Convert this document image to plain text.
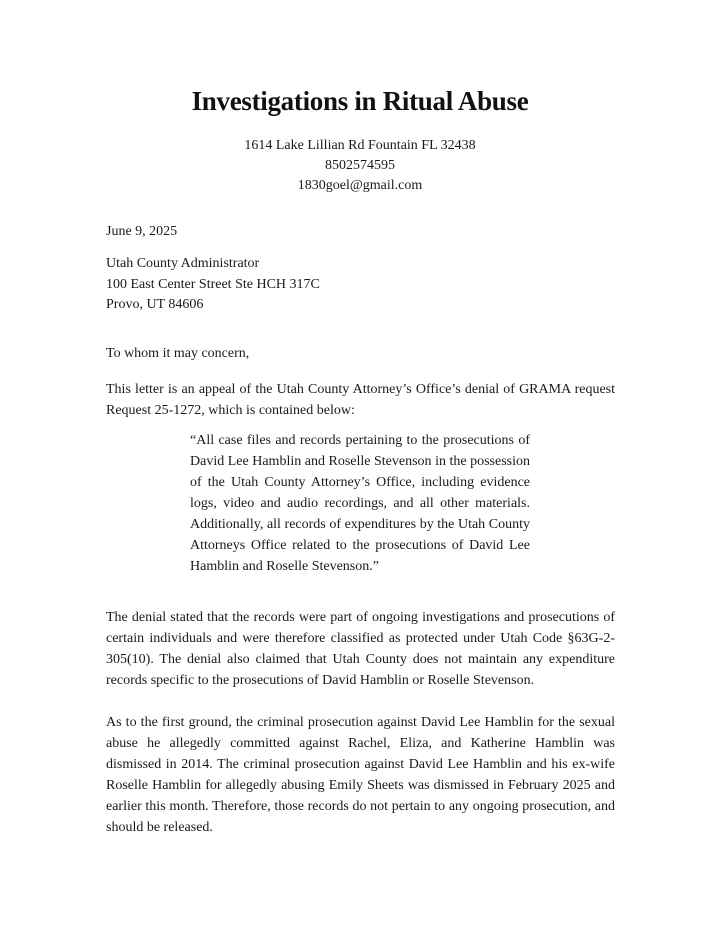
Investigations in Ritual Abuse
1614 Lake Lillian Rd Fountain FL 32438
8502574595
1830goel@gmail.com
June 9, 2025
Utah County Administrator
100 East Center Street Ste HCH 317C
Provo, UT 84606
To whom it may concern,
This letter is an appeal of the Utah County Attorney’s Office’s denial of GRAMA request Request 25-1272, which is contained below:
“All case files and records pertaining to the prosecutions of David Lee Hamblin and Roselle Stevenson in the possession of the Utah County Attorney’s Office, including evidence logs, video and audio recordings, and all other materials. Additionally, all records of expenditures by the Utah County Attorneys Office related to the prosecutions of David Lee Hamblin and Roselle Stevenson.”
The denial stated that the records were part of ongoing investigations and prosecutions of certain individuals and were therefore classified as protected under Utah Code §63G-2-305(10). The denial also claimed that Utah County does not maintain any expenditure records specific to the prosecutions of David Hamblin or Roselle Stevenson.
As to the first ground, the criminal prosecution against David Lee Hamblin for the sexual abuse he allegedly committed against Rachel, Eliza, and Katherine Hamblin was dismissed in 2014. The criminal prosecution against David Lee Hamblin and his ex-wife Roselle Hamblin for allegedly abusing Emily Sheets was dismissed in February 2025 and earlier this month. Therefore, those records do not pertain to any ongoing prosecution, and should be released.
